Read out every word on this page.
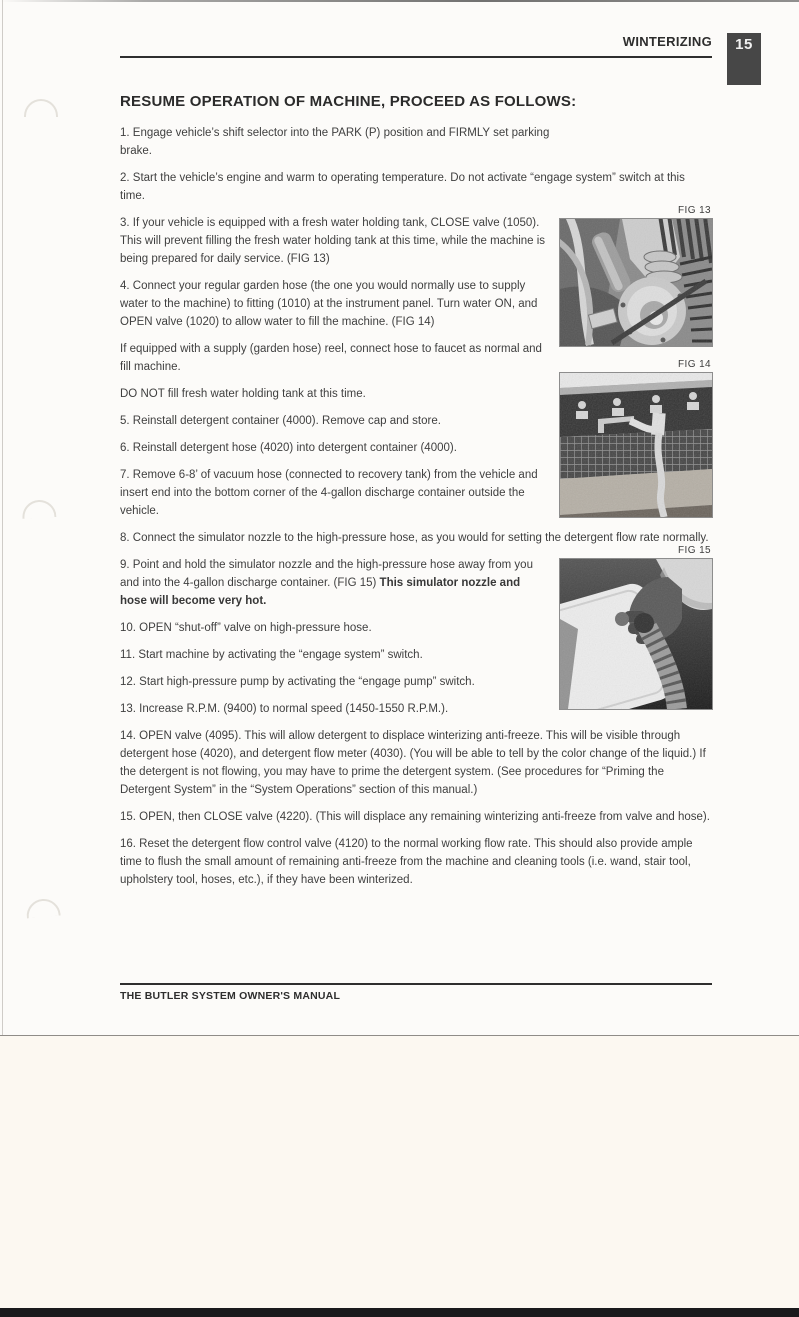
WINTERIZING	15
RESUME OPERATION OF MACHINE, PROCEED AS FOLLOWS:

1. Engage vehicle’s shift selector into the PARK (P) position and FIRMLY set parking brake.

2. Start the vehicle’s engine and warm to operating temperature. Do not activate “engage system” switch at this time.

FIG 13
FIG 14

3. If your vehicle is equipped with a fresh water holding tank, CLOSE valve (1050). This will prevent filling the fresh water holding tank at this time, while the machine is being prepared for daily service. (FIG 13)

4. Connect your regular garden hose (the one you would normally use to supply water to the machine) to fitting (1010) at the instrument panel. Turn water ON, and OPEN valve (1020) to allow water to fill the machine. (FIG 14)

If equipped with a supply (garden hose) reel, connect hose to faucet as normal and fill machine.

DO NOT fill fresh water holding tank at this time.

5. Reinstall detergent container (4000). Remove cap and store.

6. Reinstall detergent hose (4020) into detergent container (4000).

7. Remove 6-8’ of vacuum hose (connected to recovery tank) from the vehicle and insert end into the bottom corner of the 4-gallon discharge container outside the vehicle.

8. Connect the simulator nozzle to the high-pressure hose, as you would for setting the detergent flow rate normally.

FIG 15

9. Point and hold the simulator nozzle and the high-pressure hose away from you and into the 4-gallon discharge container. (FIG 15) This simulator nozzle and hose will become very hot.

10. OPEN “shut-off” valve on high-pressure hose.

11. Start machine by activating the “engage system” switch.

12. Start high-pressure pump by activating the “engage pump” switch.

13. Increase R.P.M. (9400) to normal speed (1450-1550 R.P.M.).

14. OPEN valve (4095). This will allow detergent to displace winterizing anti-freeze. This will be visible through detergent hose (4020), and detergent flow meter (4030). (You will be able to tell by the color change of the liquid.) If the detergent is not flowing, you may have to prime the detergent system. (See procedures for “Priming the Detergent System” in the “System Operations” section of this manual.)

15. OPEN, then CLOSE valve (4220). (This will displace any remaining winterizing anti-freeze from valve and hose).

16. Reset the detergent flow control valve (4120) to the normal working flow rate. This should also provide ample time to flush the small amount of remaining anti-freeze from the machine and cleaning tools (i.e. wand, stair tool, upholstery tool, hoses, etc.), if they have been winterized.

THE BUTLER SYSTEM OWNER'S MANUAL
